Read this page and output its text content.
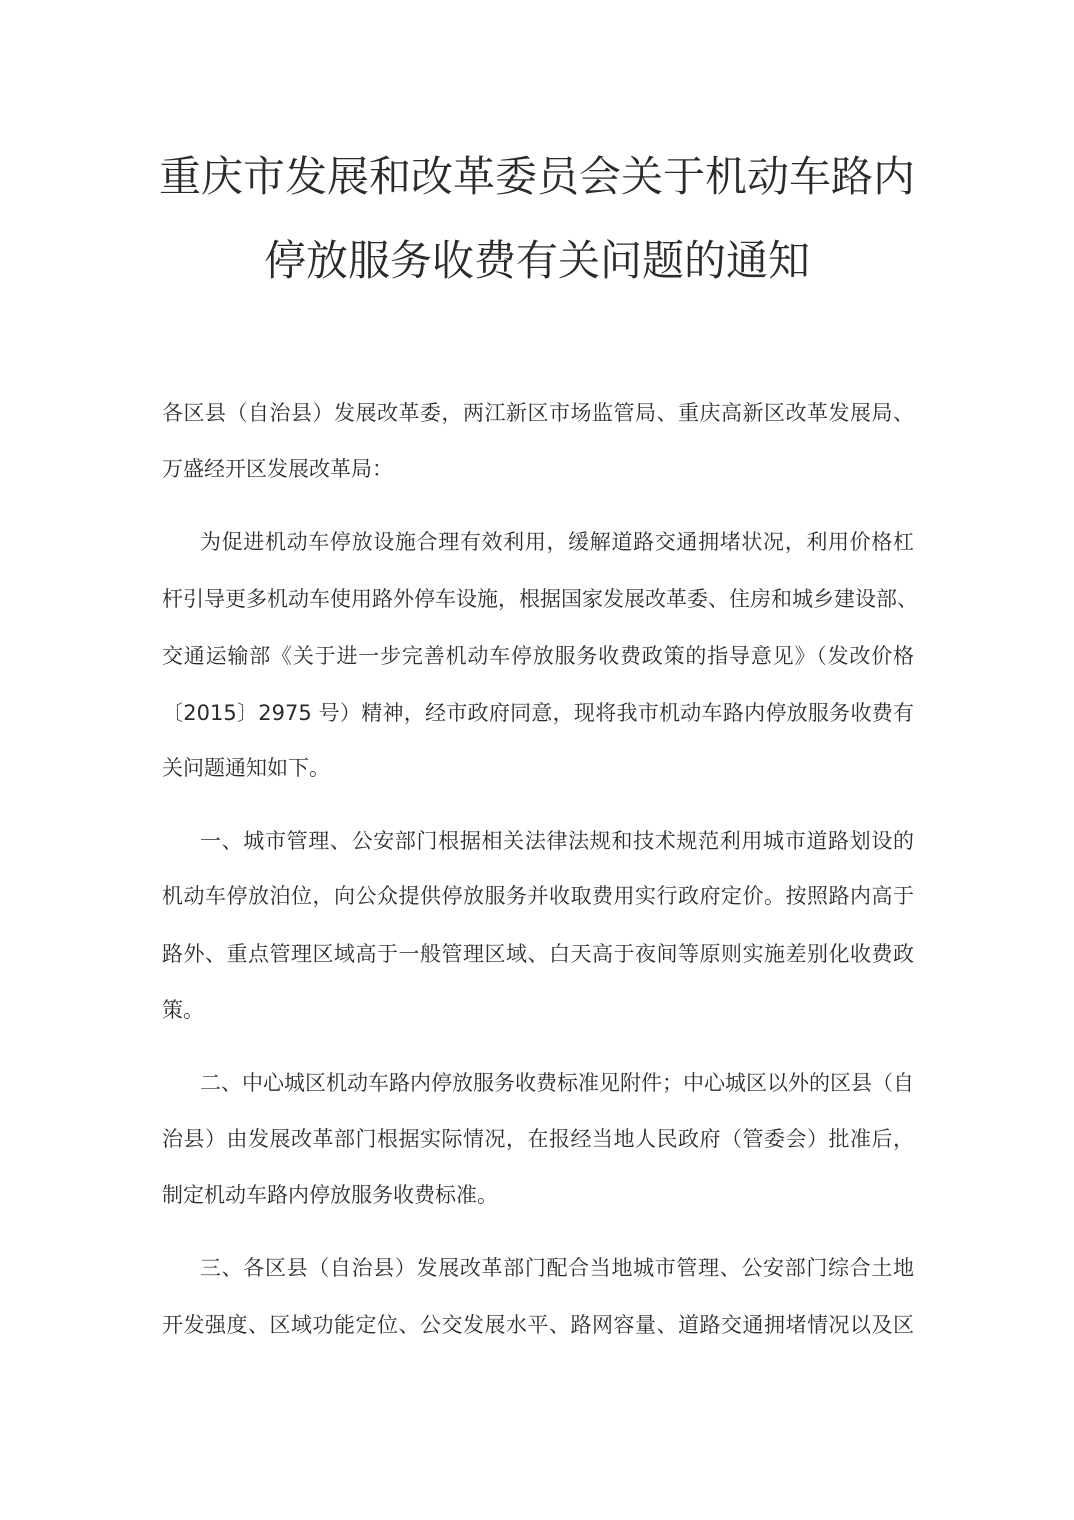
重庆市发展和改革委员会关于机动车路内
停放服务收费有关问题的通知
各区县（自治县）发展改革委，两江新区市场监管局、重庆高新区改革发展局、
万盛经开区发展改革局：
为促进机动车停放设施合理有效利用，缓解道路交通拥堵状况，利用价格杠
杆引导更多机动车使用路外停车设施，根据国家发展改革委、住房和城乡建设部、
交通运输部《关于进一步完善机动车停放服务收费政策的指导意见》（发改价格
〔2015〕2975 号）精神，经市政府同意，现将我市机动车路内停放服务收费有
关问题通知如下。
一、城市管理、公安部门根据相关法律法规和技术规范利用城市道路划设的
机动车停放泊位，向公众提供停放服务并收取费用实行政府定价。按照路内高于
路外、重点管理区域高于一般管理区域、白天高于夜间等原则实施差别化收费政
策。
二、中心城区机动车路内停放服务收费标准见附件；中心城区以外的区县（自
治县）由发展改革部门根据实际情况，在报经当地人民政府（管委会）批准后，
制定机动车路内停放服务收费标准。
三、各区县（自治县）发展改革部门配合当地城市管理、公安部门综合土地
开发强度、区域功能定位、公交发展水平、路网容量、道路交通拥堵情况以及区
